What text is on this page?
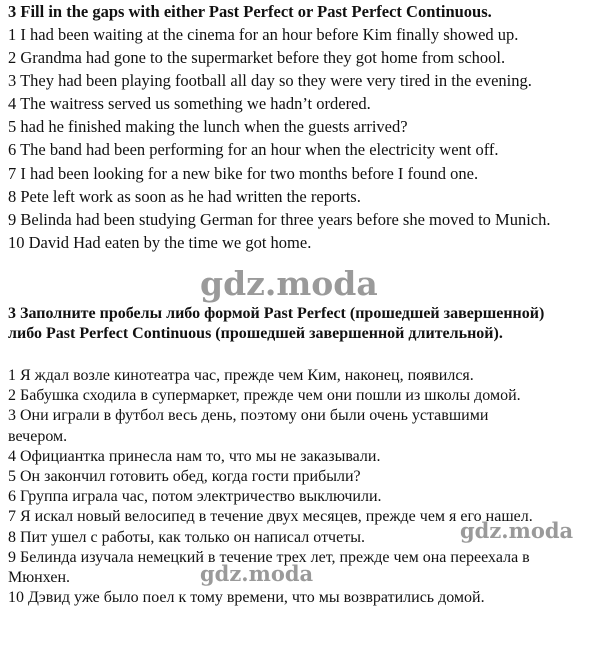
3 Fill in the gaps with either Past Perfect or Past Perfect Continuous.
1 I had been waiting at the cinema for an hour before Kim finally showed up.
2 Grandma had gone to the supermarket before they got home from school.
3 They had been playing football all day so they were very tired in the evening.
4 The waitress served us something we hadn’t ordered.
5 had he finished making the lunch when the guests arrived?
6 The band had been performing for an hour when the electricity went off.
7 I had been looking for a new bike for two months before I found one.
8 Pete left work as soon as he had written the reports.
9 Belinda had been studying German for three years before she moved to Munich.
10 David Had eaten by the time we got home.
gdz.moda
3 Заполните пробелы либо формой Past Perfect (прошедшей завершенной) либо Past Perfect Continuous (прошедшей завершенной длительной).
1 Я ждал возле кинотеатра час, прежде чем Ким, наконец, появился.
2 Бабушка сходила в супермаркет, прежде чем они пошли из школы домой.
3 Они играли в футбол весь день, поэтому они были очень уставшими вечером.
4 Официантка принесла нам то, что мы не заказывали.
5 Он закончил готовить обед, когда гости прибыли?
6 Группа играла час, потом электричество выключили.
7 Я искал новый велосипед в течение двух месяцев, прежде чем я его нашел.
8 Пит ушел с работы, как только он написал отчеты.
9 Белинда изучала немецкий в течение трех лет, прежде чем она переехала в Мюнхен.
10 Дэвид уже было поел к тому времени, что мы возвратились домой.
gdz.moda
gdz.moda
